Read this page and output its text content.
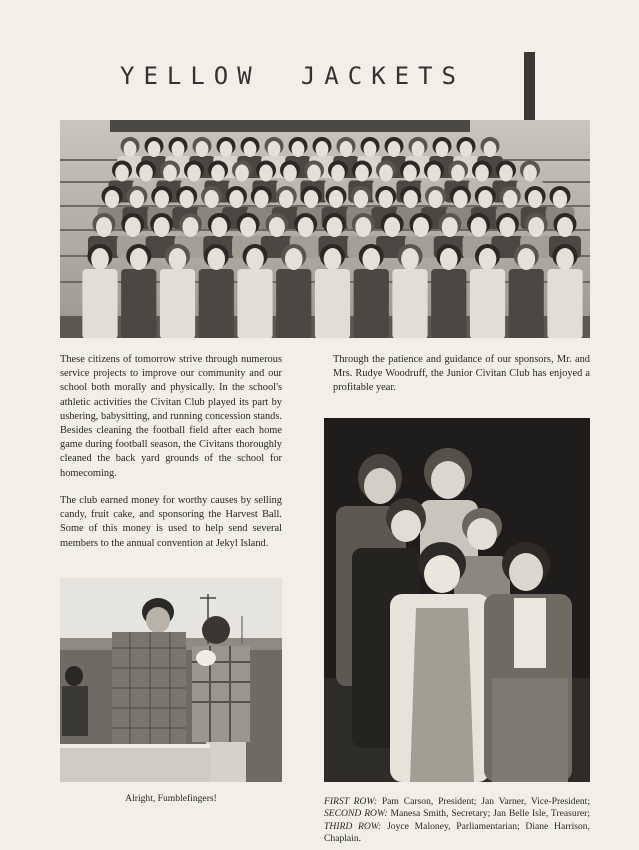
YELLOW JACKETS

These citizens of tomorrow strive through numerous service projects to improve our community and our school both morally and physically. In the school's athletic activities the Civitan Club played its part by ushering, babysitting, and running concession stands. Besides cleaning the football field after each home game during football season, the Civitans thoroughly cleaned the back yard grounds of the school for homecoming.

The club earned money for worthy causes by selling candy, fruit cake, and sponsoring the Harvest Ball. Some of this money is used to help send several members to the annual convention at Jekyl Island.

Through the patience and guidance of our sponsors, Mr. and Mrs. Rudye Woodruff, the Junior Civitan Club has enjoyed a profitable year.

Alright, Fumblefingers!	FIRST ROW: Pam Carson, President; Jan Varner, Vice-President; SECOND ROW: Manesa Smith, Secretary; Jan Belle Isle, Treasurer; THIRD ROW: Joyce Maloney, Parliamentarian; Diane Harrison, Chaplain.
